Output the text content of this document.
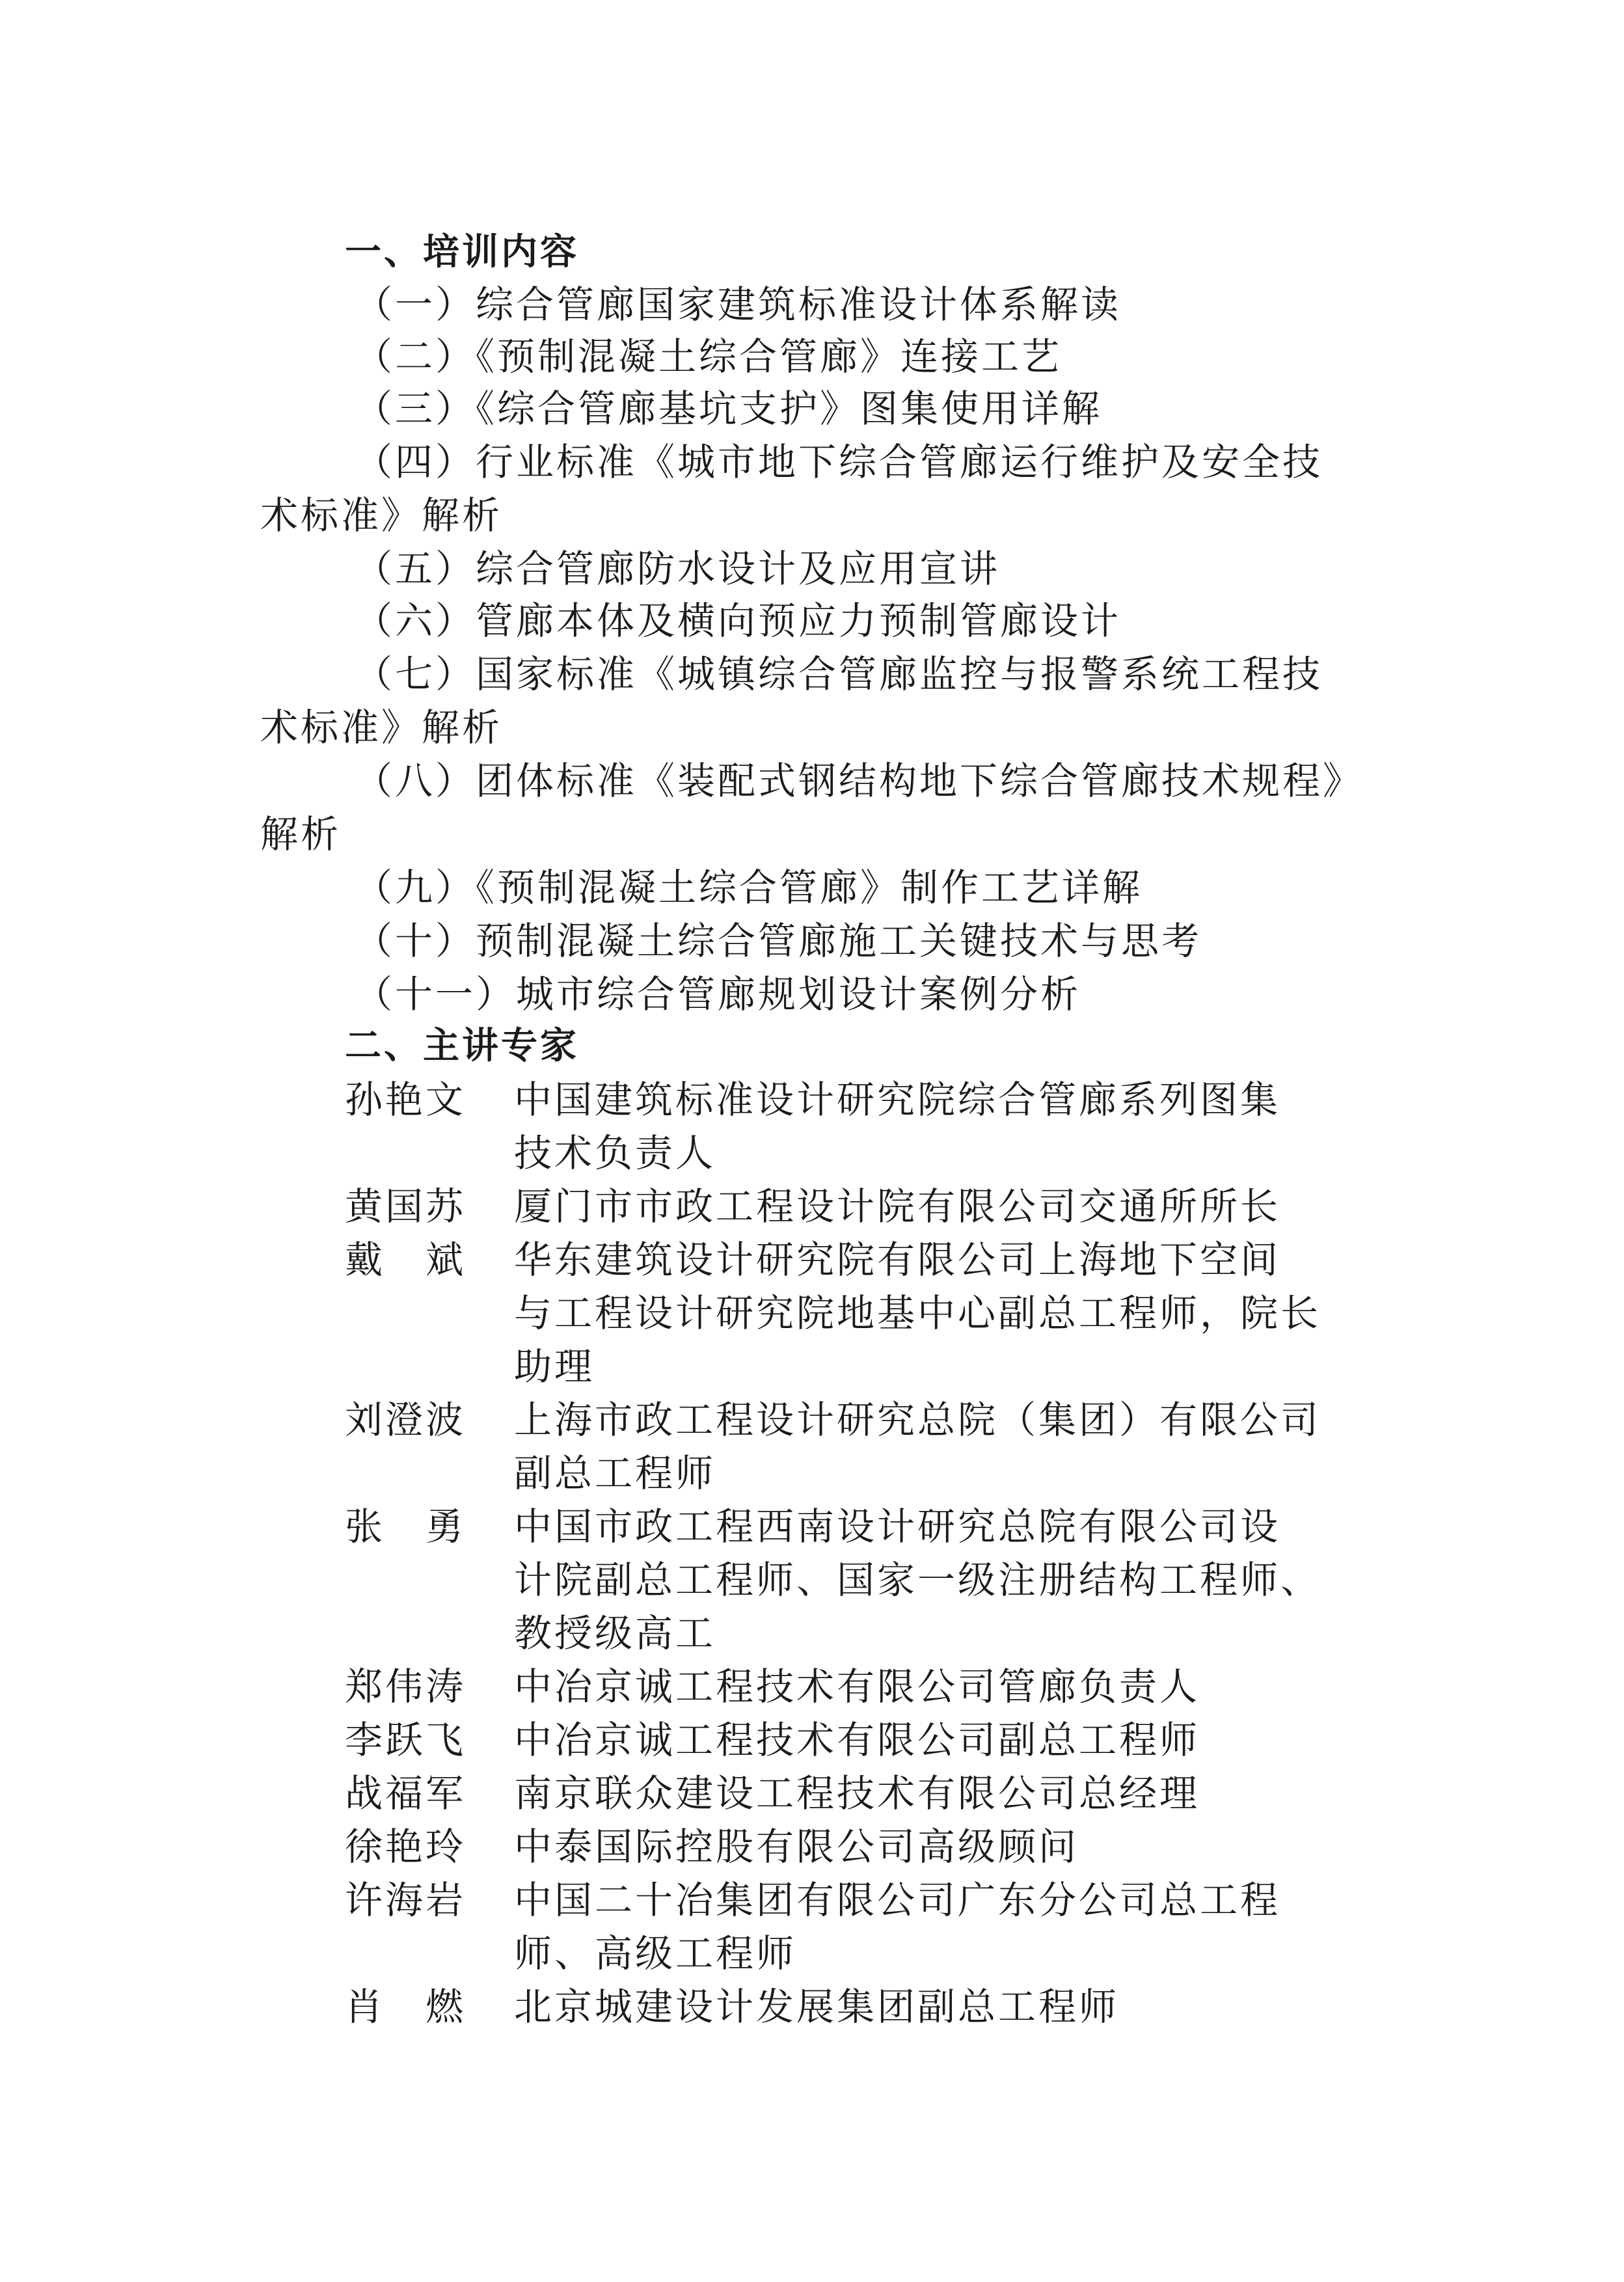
一、培训内容
（一）综合管廊国家建筑标准设计体系解读
（二）《预制混凝土综合管廊》连接工艺
（三）《综合管廊基坑支护》图集使用详解
（四）行业标准《城市地下综合管廊运行维护及安全技
术标准》解析
（五）综合管廊防水设计及应用宣讲
（六）管廊本体及横向预应力预制管廊设计
（七）国家标准《城镇综合管廊监控与报警系统工程技
术标准》解析
（八）团体标准《装配式钢结构地下综合管廊技术规程》
解析
（九）《预制混凝土综合管廊》制作工艺详解
（十）预制混凝土综合管廊施工关键技术与思考
（十一）城市综合管廊规划设计案例分析
二、主讲专家
孙艳文 中国建筑标准设计研究院综合管廊系列图集
技术负责人
黄国苏 厦门市市政工程设计院有限公司交通所所长
戴　斌 华东建筑设计研究院有限公司上海地下空间
与工程设计研究院地基中心副总工程师，院长
助理
刘澄波 上海市政工程设计研究总院（集团）有限公司
副总工程师
张　勇 中国市政工程西南设计研究总院有限公司设
计院副总工程师、国家一级注册结构工程师、
教授级高工
郑伟涛 中冶京诚工程技术有限公司管廊负责人
李跃飞 中冶京诚工程技术有限公司副总工程师
战福军 南京联众建设工程技术有限公司总经理
徐艳玲 中泰国际控股有限公司高级顾问
许海岩 中国二十冶集团有限公司广东分公司总工程
师、高级工程师
肖　燃 北京城建设计发展集团副总工程师
